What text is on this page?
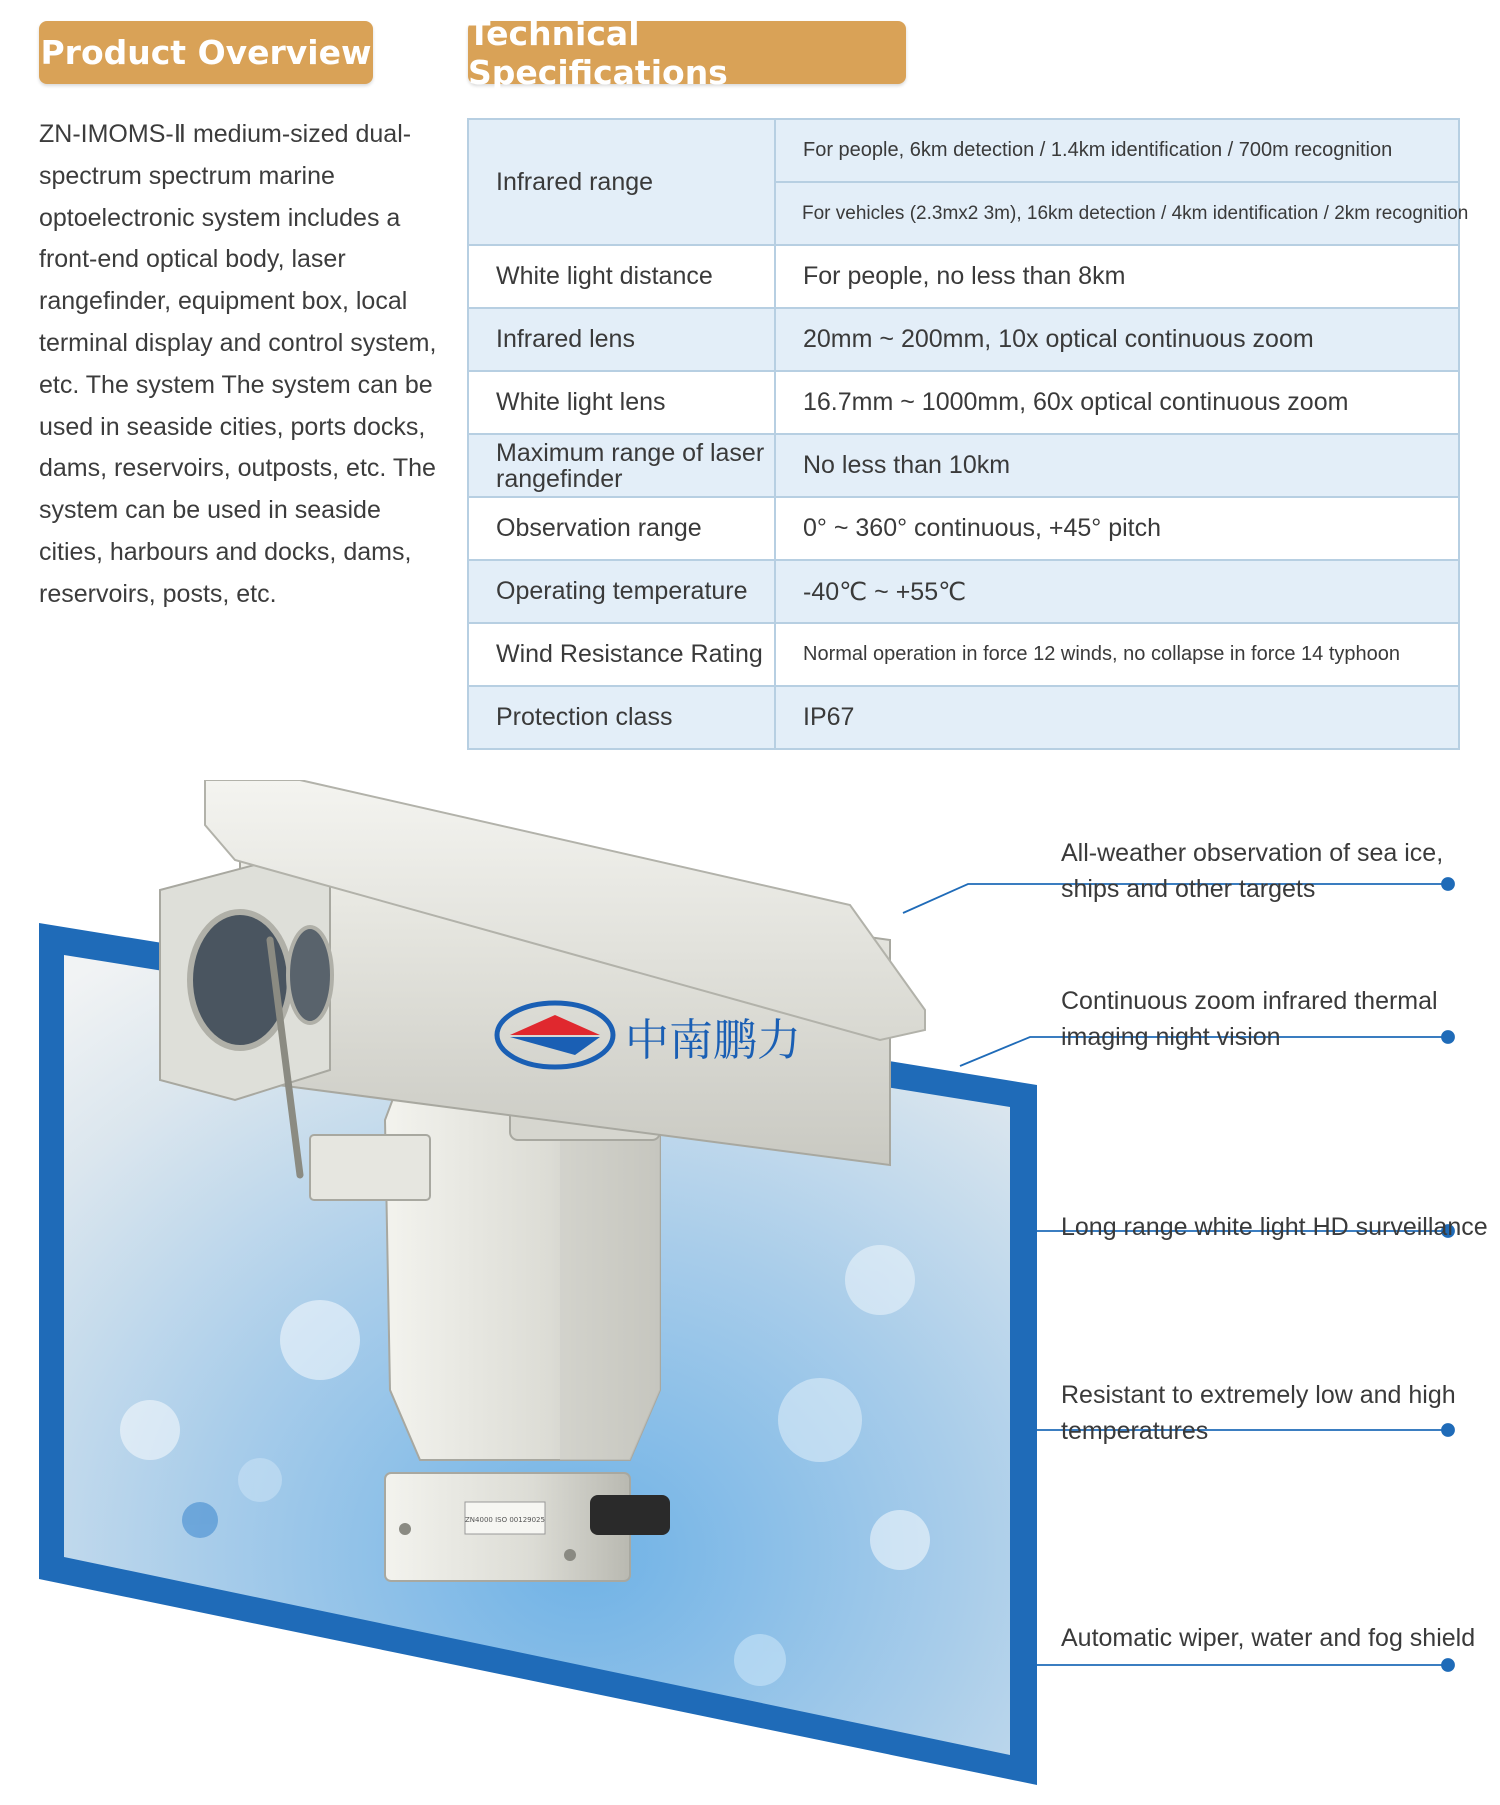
Product Overview	Technical Specifications
ZN-IMOMS-Ⅱ medium-sized dual-spectrum spectrum marine optoelectronic system includes a front-end optical body, laser rangefinder, equipment box, local terminal display and control system, etc. The system The system can be used in seaside cities, ports docks, dams, reservoirs, outposts, etc. The system can be used in seaside cities, harbours and docks, dams, reservoirs, posts, etc.
Infrared range	For people, 6km detection / 1.4km identification / 700m recognition
	For vehicles (2.3mx2 3m), 16km detection / 4km identification / 2km recognition
White light distance	For people, no less than 8km
Infrared lens	20mm ~ 200mm, 10x optical continuous zoom
White light lens	16.7mm ~ 1000mm, 60x optical continuous zoom
Maximum range of laser rangefinder	No less than 10km
Observation range	0° ~ 360° continuous, +45° pitch
Operating temperature	-40℃ ~ +55℃
Wind Resistance Rating	Normal operation in force 12 winds, no collapse in force 14 typhoon
Protection class	IP67
ZN4000 ISO 00129025
中南鹏力
All-weather observation of sea ice, ships and other targets
Continuous zoom infrared thermal imaging night vision
Long range white light HD surveillance
Resistant to extremely low and high temperatures
Automatic wiper, water and fog shield
